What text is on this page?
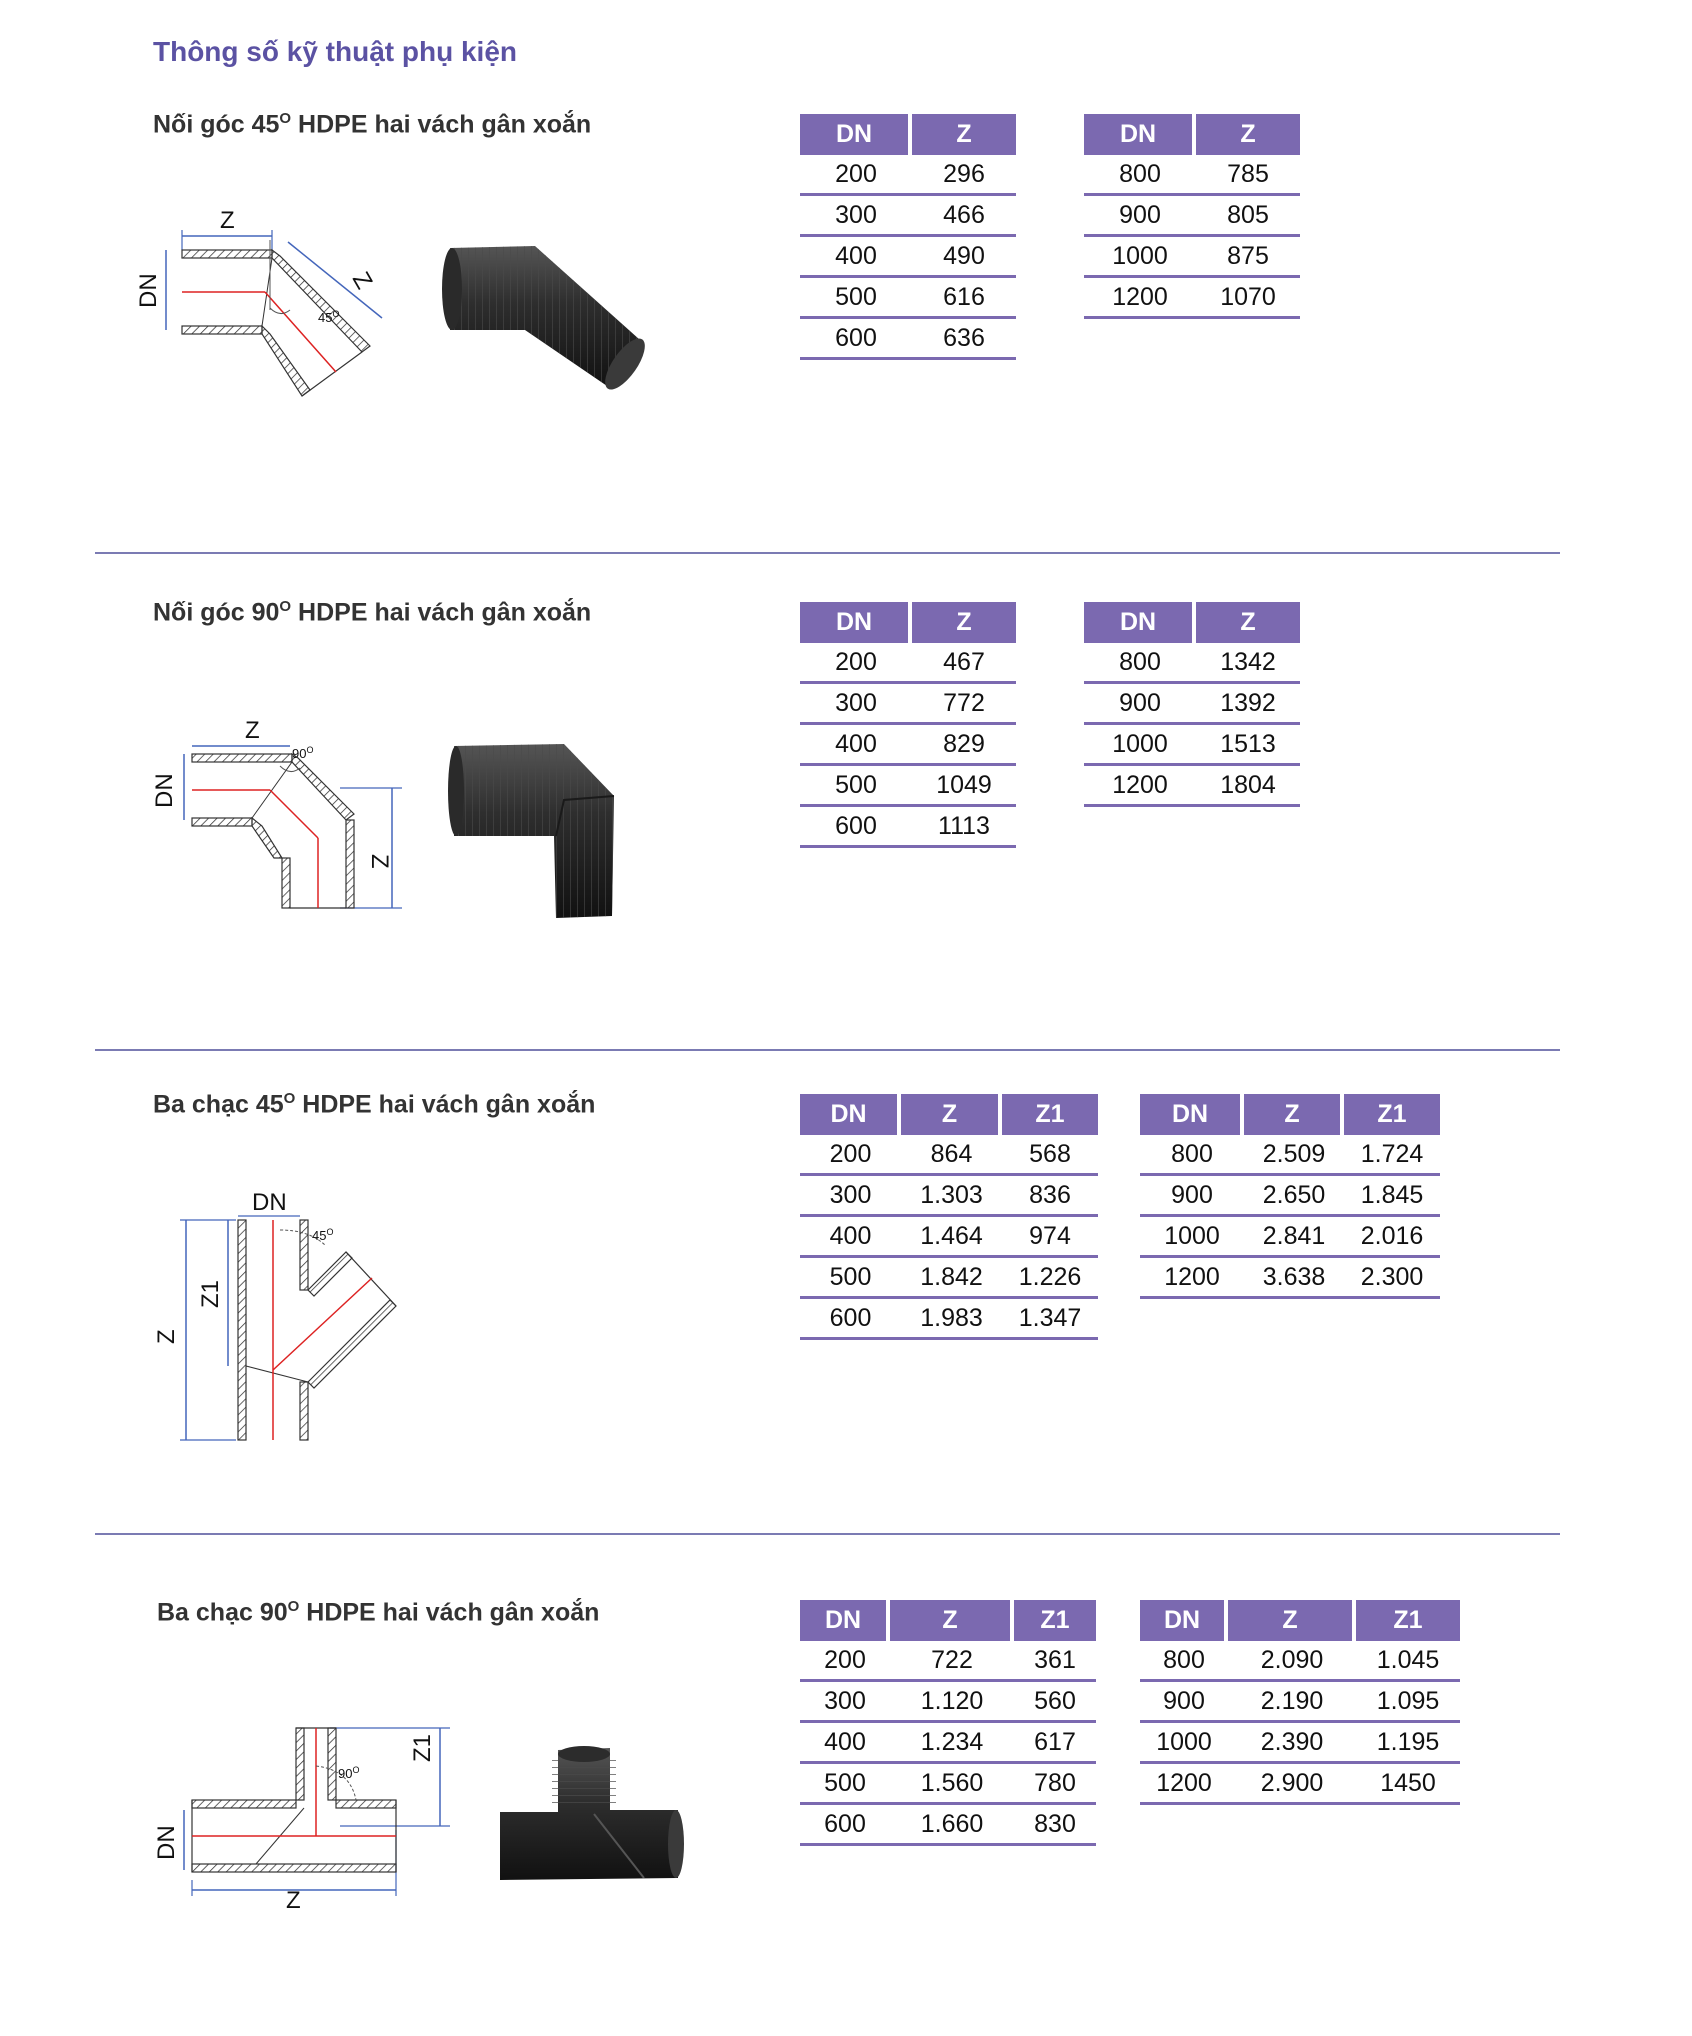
Thông số kỹ thuật phụ kiện
Nối góc $45^O$ HDPE hai vách gân xoắn
Z
Z
DN
$45^O$
DN	Z
200	296
300	466
400	490
500	616
600	636
DN	Z
800	785
900	805
1000	875
1200	1070
Nối góc $90^O$ HDPE hai vách gân xoắn
Z
Z
DN
$90^O$
DN	Z
200	467
300	772
400	829
500	1049
600	1113
DN	Z
800	1342
900	1392
1000	1513
1200	1804
Ba chạc $45^O$ HDPE hai vách gân xoắn
DN
Z
Z1
$45^O$
DN	Z	Z1
200	864	568
300	1.303	836
400	1.464	974
500	1.842	1.226
600	1.983	1.347
DN	Z	Z1
800	2.509	1.724
900	2.650	1.845
1000	2.841	2.016
1200	3.638	2.300
Ba chạc $90^O$ HDPE hai vách gân xoắn
Z
Z1
DN
$90^O$
DN	Z	Z1
200	722	361
300	1.120	560
400	1.234	617
500	1.560	780
600	1.660	830
DN	Z	Z1
800	2.090	1.045
900	2.190	1.095
1000	2.390	1.195
1200	2.900	1450
